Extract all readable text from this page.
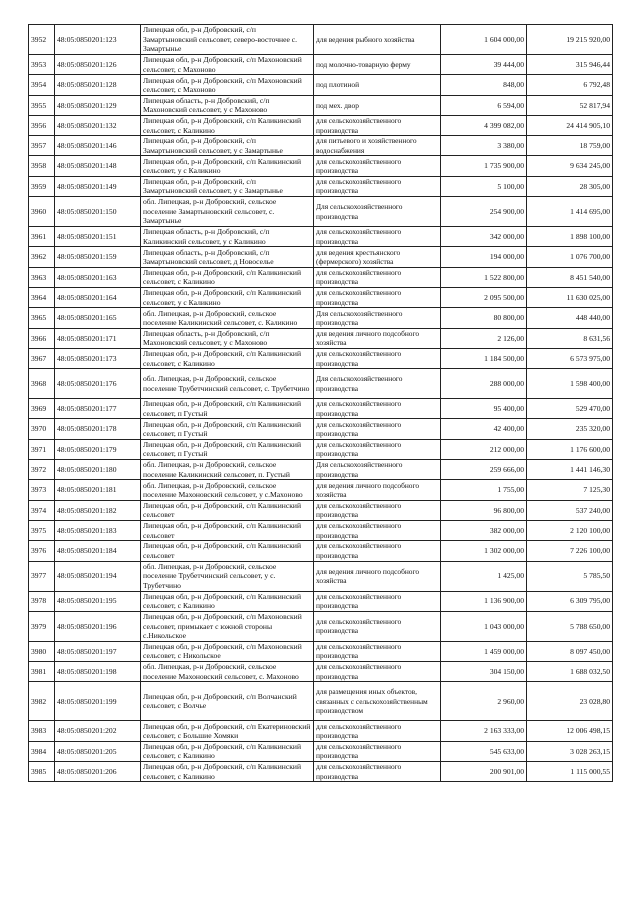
3952	48:05:0850201:123	Липецкая обл, р-н Добровский, с/п Замартыновский сельсовет, северо-восточнее с. Замартынье	для ведения рыбного хозяйства	1 604 000,00	19 215 920,00
3953	48:05:0850201:126	Липецкая обл, р-н Добровский, с/п Махоновский сельсовет, с Махоново	под молочно-товарную ферму	39 444,00	315 946,44
3954	48:05:0850201:128	Липецкая обл, р-н Добровский, с/п Махоновский сельсовет, с Махоново	под плотиной	848,00	6 792,48
3955	48:05:0850201:129	Липецкая область, р-н Добровский, с/п Махоновский сельсовет, у с Махоново	под мех. двор	6 594,00	52 817,94
3956	48:05:0850201:132	Липецкая обл, р-н Добровский, с/п Каликинский сельсовет, с Каликино	для сельскохозяйственного производства	4 399 082,00	24 414 905,10
3957	48:05:0850201:146	Липецкая обл, р-н Добровский, с/п Замартыновский сельсовет, у с Замартынье	для питьевого и хозяйственного водоснабжения	3 380,00	18 759,00
3958	48:05:0850201:148	Липецкая обл, р-н Добровский, с/п Каликинский сельсовет, у с Каликино	для сельскохозяйственного производства	1 735 900,00	9 634 245,00
3959	48:05:0850201:149	Липецкая обл, р-н Добровский, с/п Замартыновский сельсовет, у с Замартынье	для сельскохозяйственного производства	5 100,00	28 305,00
3960	48:05:0850201:150	обл. Липецкая, р-н Добровский, сельское поселение Замартыновский сельсовет, с. Замартынье	Для сельскохозяйственного производства	254 900,00	1 414 695,00
3961	48:05:0850201:151	Липецкая область, р-н Добровский, с/п Каликинский сельсовет, у с Каликино	для сельскохозяйственного производства	342 000,00	1 898 100,00
3962	48:05:0850201:159	Липецкая область, р-н Добровский, с/п Замартыновский сельсовет, д Новоселье	для ведения крестьянского (фермерского) хозяйства	194 000,00	1 076 700,00
3963	48:05:0850201:163	Липецкая обл, р-н Добровский, с/п Каликинский сельсовет, с Каликино	для сельскохозяйственного производства	1 522 800,00	8 451 540,00
3964	48:05:0850201:164	Липецкая обл, р-н Добровский, с/п Каликинский сельсовет, у с Каликино	для сельскохозяйственного производства	2 095 500,00	11 630 025,00
3965	48:05:0850201:165	обл. Липецкая, р-н Добровский, сельское поселение Каликинский сельсовет, с. Каликино	Для сельскохозяйственного производства	80 800,00	448 440,00
3966	48:05:0850201:171	Липецкая область, р-н Добровский, с/п Махоновский сельсовет, у с Махоново	для ведения личного подсобного хозяйства	2 126,00	8 631,56
3967	48:05:0850201:173	Липецкая обл, р-н Добровский, с/п Каликинский сельсовет, с Каликино	для сельскохозяйственного производства	1 184 500,00	6 573 975,00
3968	48:05:0850201:176	обл. Липецкая, р-н Добровский, сельское поселение Трубетчинский сельсовет, с. Трубетчино	Для сельскохозяйственного производства	288 000,00	1 598 400,00
3969	48:05:0850201:177	Липецкая обл, р-н Добровский, с/п Каликинский сельсовет, п Густый	для сельскохозяйственного производства	95 400,00	529 470,00
3970	48:05:0850201:178	Липецкая обл, р-н Добровский, с/п Каликинский сельсовет, п Густый	для сельскохозяйственного производства	42 400,00	235 320,00
3971	48:05:0850201:179	Липецкая обл, р-н Добровский, с/п Каликинский сельсовет, п Густый	для сельскохозяйственного производства	212 000,00	1 176 600,00
3972	48:05:0850201:180	обл. Липецкая, р-н Добровский, сельское поселение Каликинский сельсовет, п. Густый	Для сельскохозяйственного производства	259 666,00	1 441 146,30
3973	48:05:0850201:181	обл. Липецкая, р-н Добровский, сельское поселение Махоновский сельсовет, у с.Махоново	для ведения личного подсобного хозяйства	1 755,00	7 125,30
3974	48:05:0850201:182	Липецкая обл, р-н Добровский, с/п Каликинский сельсовет	для сельскохозяйственного производства	96 800,00	537 240,00
3975	48:05:0850201:183	Липецкая обл, р-н Добровский, с/п Каликинский сельсовет	для сельскохозяйственного производства	382 000,00	2 120 100,00
3976	48:05:0850201:184	Липецкая обл, р-н Добровский, с/п Каликинский сельсовет	для сельскохозяйственного производства	1 302 000,00	7 226 100,00
3977	48:05:0850201:194	обл. Липецкая, р-н Добровский, сельское поселение Трубетчинский сельсовет, у с. Трубетчино	для ведения личного подсобного хозяйства	1 425,00	5 785,50
3978	48:05:0850201:195	Липецкая обл, р-н Добровский, с/п Каликинский сельсовет, с Каликино	для сельскохозяйственного производства	1 136 900,00	6 309 795,00
3979	48:05:0850201:196	Липецкая обл, р-н Добровский, с/п Махоновский сельсовет, примыкает с южной стороны с.Никольское	для сельскохозяйственного производства	1 043 000,00	5 788 650,00
3980	48:05:0850201:197	Липецкая обл, р-н Добровский, с/п Махоновский сельсовет, с Никольское	для сельскохозяйственного производства	1 459 000,00	8 097 450,00
3981	48:05:0850201:198	обл. Липецкая, р-н Добровский, сельское поселение Махоновский сельсовет, с. Махоново	для сельскохозяйственного производства	304 150,00	1 688 032,50
3982	48:05:0850201:199	Липецкая обл, р-н Добровский, с/п Волчанский сельсовет, с Волчье	для размещения иных объектов, связанных с сельскохозяйственным производством	2 960,00	23 028,80
3983	48:05:0850201:202	Липецкая обл, р-н Добровский, с/п Екатериновский сельсовет, с Большие Хомяки	для сельскохозяйственного производства	2 163 333,00	12 006 498,15
3984	48:05:0850201:205	Липецкая обл, р-н Добровский, с/п Каликинский сельсовет, с Каликино	для сельскохозяйственного производства	545 633,00	3 028 263,15
3985	48:05:0850201:206	Липецкая обл, р-н Добровский, с/п Каликинский сельсовет, с Каликино	для сельскохозяйственного производства	200 901,00	1 115 000,55
